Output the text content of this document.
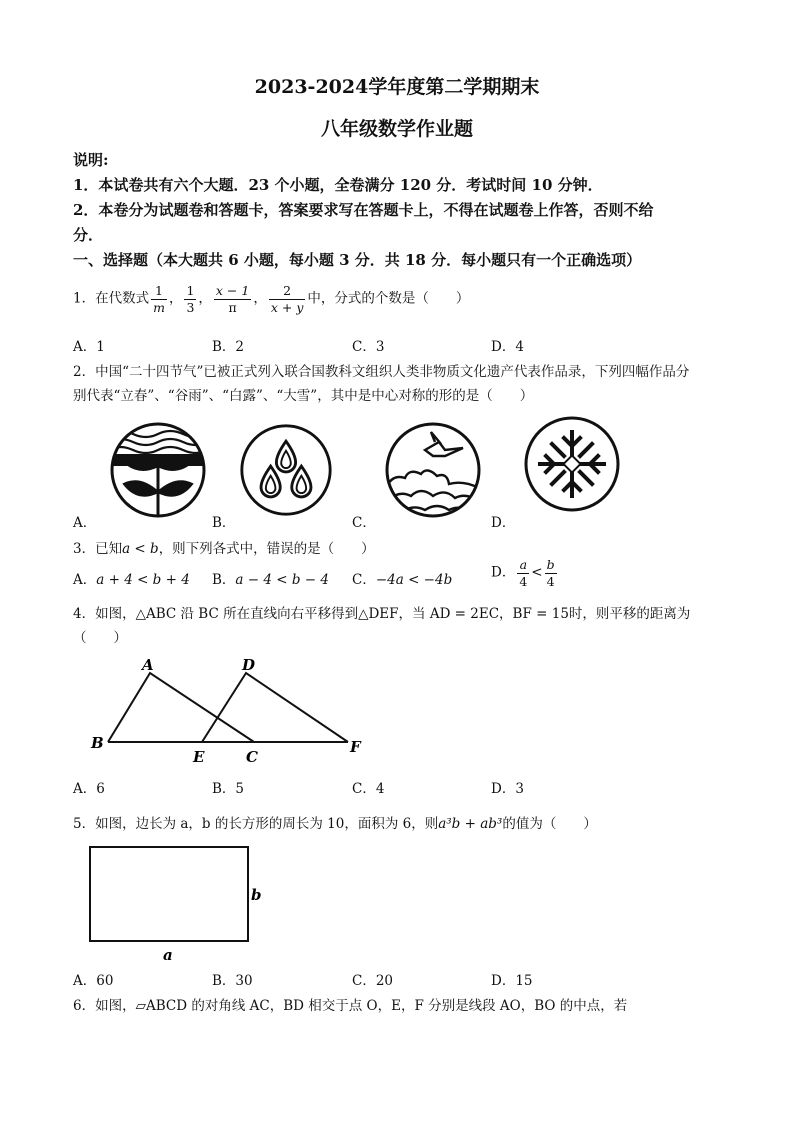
2023-2024学年度第二学期期末
八年级数学作业题
说明:
1．本试卷共有六个大题．23 个小题，全卷满分 120 分．考试时间 10 分钟．
2．本卷分为试题卷和答题卡，答案要求写在答题卡上，不得在试题卷上作答，否则不给
分．
一、选择题（本大题共 6 小题，每小题 3 分．共 18 分．每小题只有一个正确选项）
1．在代数式 $\frac{1}{m}$ ， $\frac{1}{3}$ ， $\frac{x - 1}{\pi}$ ， $\frac{2}{x + y}$ 中，分式的个数是（　　）
A．1	B．2	C．3	D．4
2．中国“二十四节气”已被正式列入联合国教科文组织人类非物质文化遗产代表作品录，下列四幅作品分
别代表“立春”、“谷雨”、“白露”、“大雪”，其中是中心对称的形的是（　　）
A．	B．	C．	D．
3．已知a < b，则下列各式中，错误的是（　　）
A．a + 4 < b + 4 B．a − 4 < b − 4 C．−4a < −4b	D． $\frac{a}{4} < \frac{b}{4}$
4．如图，△ABC 沿 BC 所在直线向右平移得到△DEF，当 AD = 2EC，BF = 15时，则平移的距离为
（　　）
A
B
C
D
E
F
A．6	B．5	C．4	D．3
5．如图，边长为 a，b 的长方形的周长为 10，面积为 6，则a³b + ab³的值为（　　）
a
b
A．60	B．30	C．20	D．15
6．如图，▱ABCD 的对角线 AC，BD 相交于点 O，E，F 分别是线段 AO，BO 的中点，若
